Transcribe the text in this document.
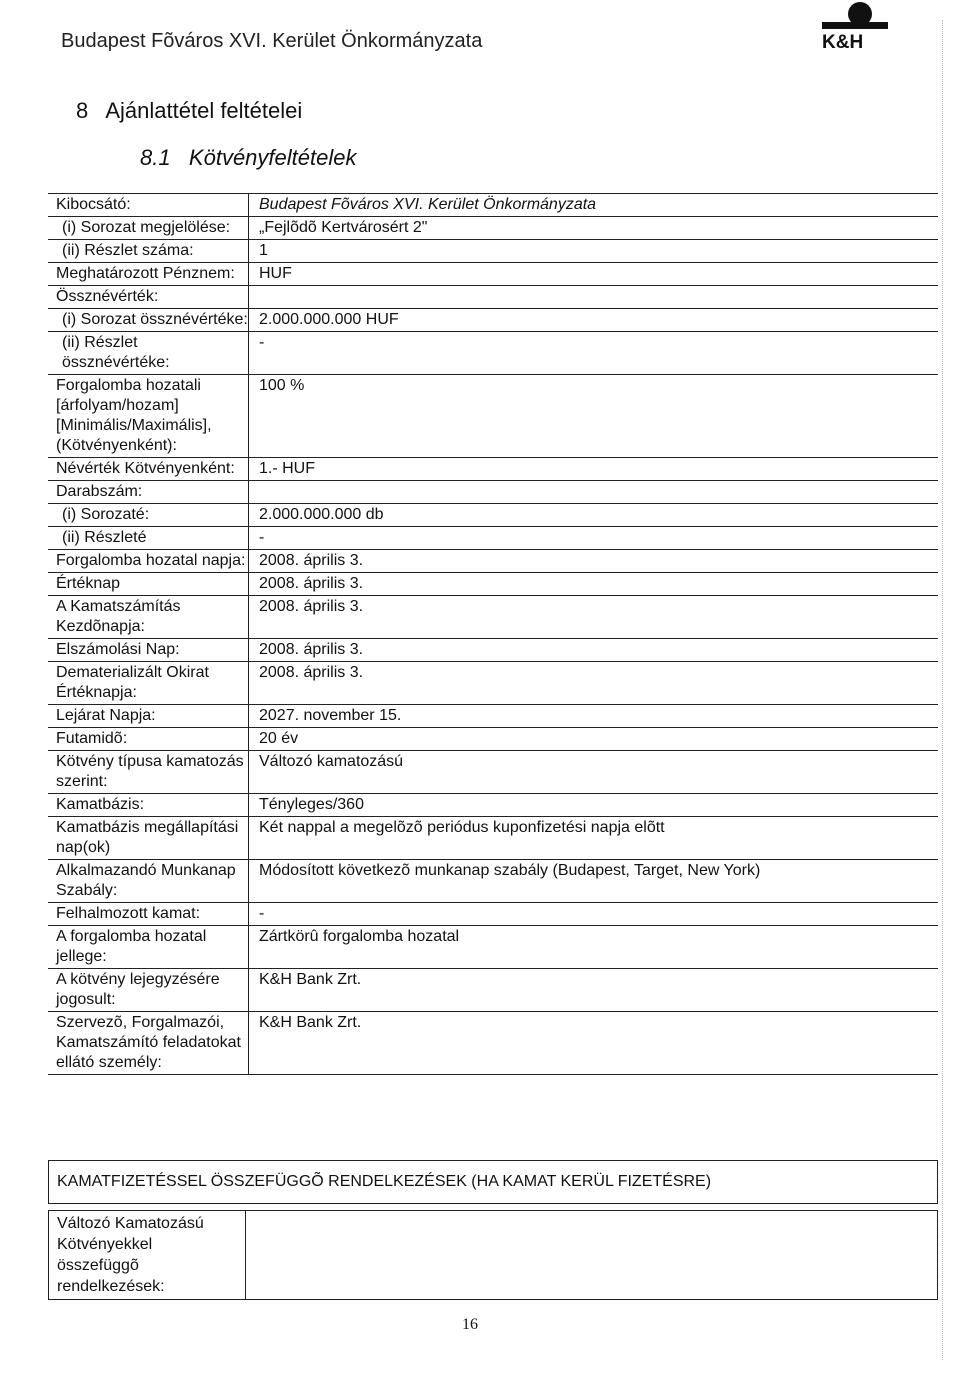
Budapest Fõváros XVI. Kerület Önkormányzata	K&H
8   Ajánlattétel feltételei
8.1   Kötvényfeltételek
Kibocsátó:	Budapest Fõváros XVI. Kerület Önkormányzata
(i) Sorozat megjelölése:	„Fejlõdõ Kertvárosért 2"
(ii) Részlet száma:	1
Meghatározott Pénznem:	HUF
Össznévérték:	
(i) Sorozat össznévértéke:	2.000.000.000 HUF
(ii) Részlet össznévértéke:	-
Forgalomba hozatali [árfolyam/hozam] [Minimális/Maximális], (Kötvényenként):	100 %
Névérték Kötvényenként:	1.- HUF
Darabszám:	
(i) Sorozaté:	2.000.000.000 db
(ii) Részleté	-
Forgalomba hozatal napja:	2008. április 3.
Értéknap	2008. április 3.
A Kamatszámítás Kezdõnapja:	2008. április 3.
Elszámolási Nap:	2008. április 3.
Dematerializált Okirat Értéknapja:	2008. április 3.
Lejárat Napja:	2027. november 15.
Futamidõ:	20 év
Kötvény típusa kamatozás szerint:	Változó kamatozású
Kamatbázis:	Tényleges/360
Kamatbázis megállapítási nap(ok)	Két nappal a megelõzõ periódus kuponfizetési napja elõtt
Alkalmazandó Munkanap Szabály:	Módosított következõ munkanap szabály (Budapest, Target, New York)
Felhalmozott kamat:	-
A forgalomba hozatal jellege:	Zártkörû forgalomba hozatal
A kötvény lejegyzésére jogosult:	K&H Bank Zrt.
Szervezõ, Forgalmazói, Kamatszámító feladatokat ellátó személy:	K&H Bank Zrt.
KAMATFIZETÉSSEL ÖSSZEFÜGGÕ RENDELKEZÉSEK (HA KAMAT KERÜL FIZETÉSRE)
Változó Kamatozású Kötvényekkel összefüggõ rendelkezések:	
16
